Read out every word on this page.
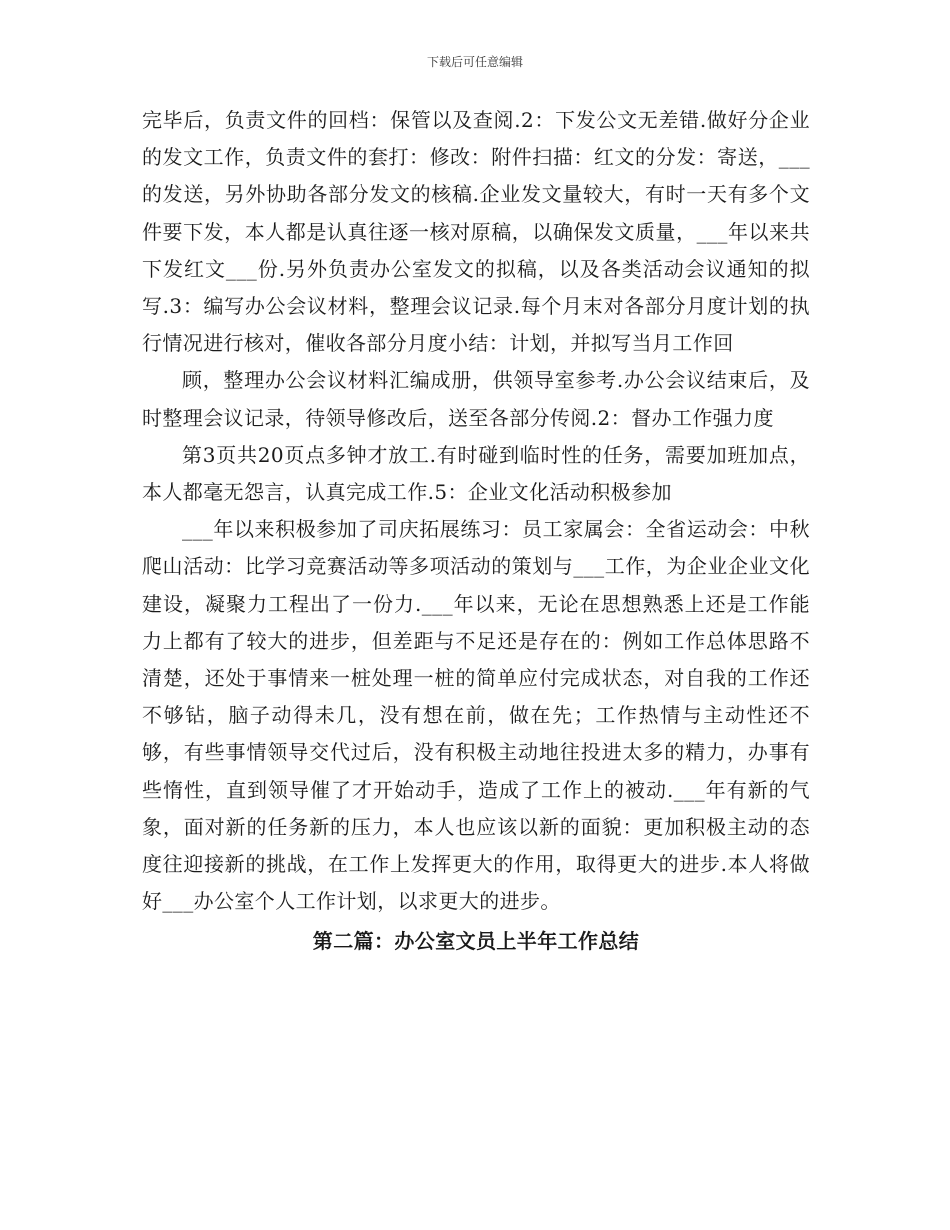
下载后可任意编辑

完毕后，负责文件的回档：保管以及查阅.2：下发公文无差错.做好分企业的发文工作，负责文件的套打：修改：附件扫描：红文的分发：寄送，___的发送，另外协助各部分发文的核稿.企业发文量较大，有时一天有多个文件要下发，本人都是认真往逐一核对原稿，以确保发文质量，___年以来共下发红文___份.另外负责办公室发文的拟稿，以及各类活动会议通知的拟写.3：编写办公会议材料，整理会议记录.每个月末对各部分月度计划的执行情况进行核对，催收各部分月度小结：计划，并拟写当月工作回

顾，整理办公会议材料汇编成册，供领导室参考.办公会议结束后，及时整理会议记录，待领导修改后，送至各部分传阅.2：督办工作强力度

第3页共20页点多钟才放工.有时碰到临时性的任务，需要加班加点，本人都毫无怨言，认真完成工作.5：企业文化活动积极参加

___年以来积极参加了司庆拓展练习：员工家属会：全省运动会：中秋爬山活动：比学习竞赛活动等多项活动的策划与___工作，为企业企业文化建设，凝聚力工程出了一份力.___年以来，无论在思想熟悉上还是工作能力上都有了较大的进步，但差距与不足还是存在的：例如工作总体思路不清楚，还处于事情来一桩处理一桩的简单应付完成状态，对自我的工作还不够钻，脑子动得未几，没有想在前，做在先；工作热情与主动性还不够，有些事情领导交代过后，没有积极主动地往投进太多的精力，办事有些惰性，直到领导催了才开始动手，造成了工作上的被动.___年有新的气象，面对新的任务新的压力，本人也应该以新的面貌：更加积极主动的态度往迎接新的挑战，在工作上发挥更大的作用，取得更大的进步.本人将做好___办公室个人工作计划，以求更大的进步。

第二篇：办公室文员上半年工作总结
